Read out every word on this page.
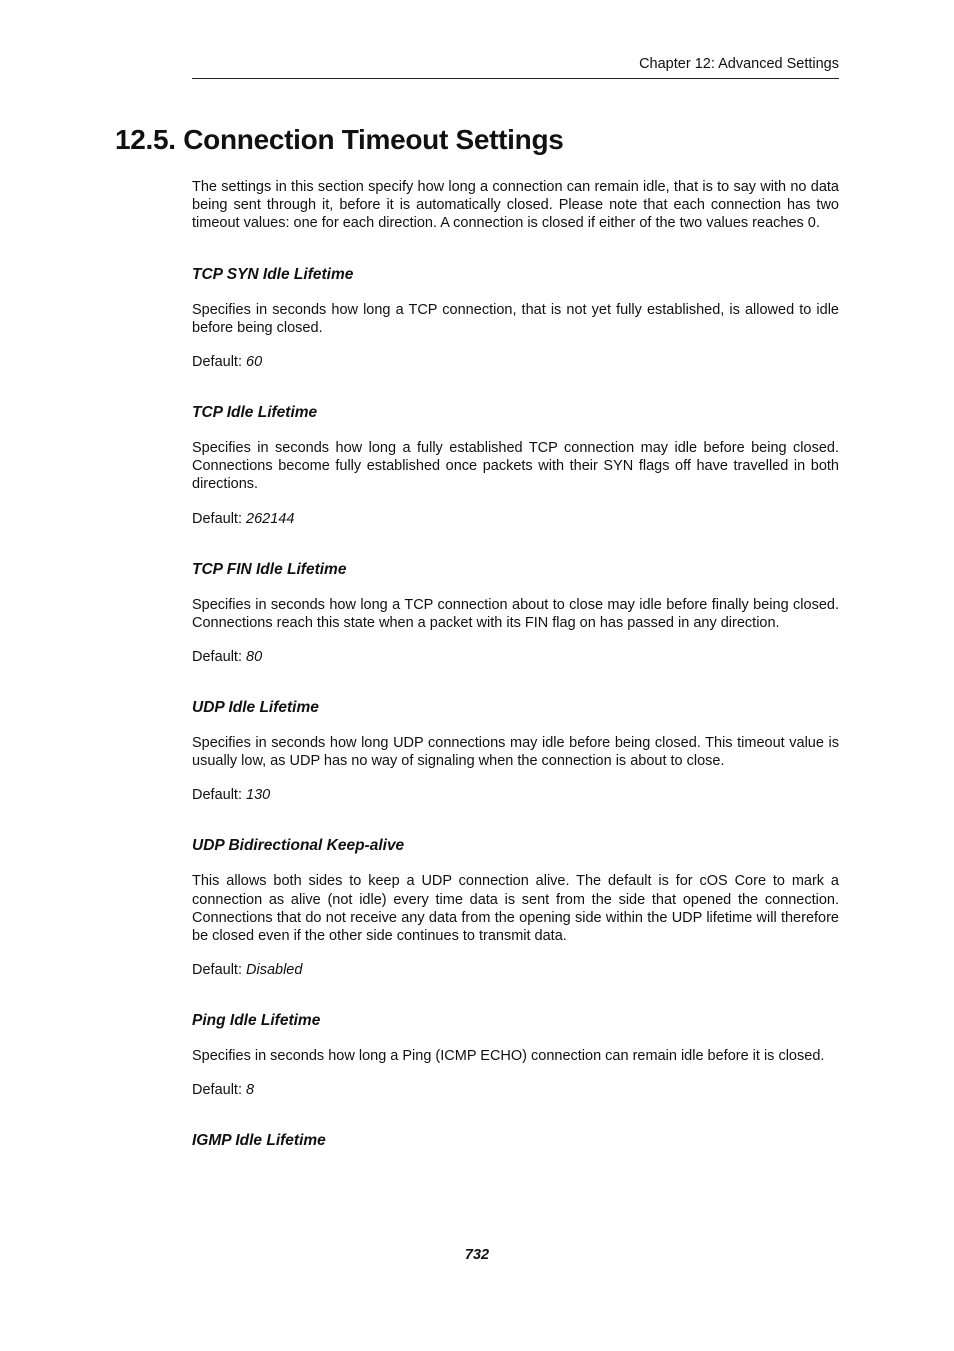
Chapter 12: Advanced Settings
12.5. Connection Timeout Settings

The settings in this section specify how long a connection can remain idle, that is to say with no data being sent through it, before it is automatically closed. Please note that each connection has two timeout values: one for each direction. A connection is closed if either of the two values reaches 0.

TCP SYN Idle Lifetime

Specifies in seconds how long a TCP connection, that is not yet fully established, is allowed to idle before being closed.

Default: 60

TCP Idle Lifetime

Specifies in seconds how long a fully established TCP connection may idle before being closed. Connections become fully established once packets with their SYN flags off have travelled in both directions.

Default: 262144

TCP FIN Idle Lifetime

Specifies in seconds how long a TCP connection about to close may idle before finally being closed. Connections reach this state when a packet with its FIN flag on has passed in any direction.

Default: 80

UDP Idle Lifetime

Specifies in seconds how long UDP connections may idle before being closed. This timeout value is usually low, as UDP has no way of signaling when the connection is about to close.

Default: 130

UDP Bidirectional Keep-alive

This allows both sides to keep a UDP connection alive. The default is for cOS Core to mark a connection as alive (not idle) every time data is sent from the side that opened the connection. Connections that do not receive any data from the opening side within the UDP lifetime will therefore be closed even if the other side continues to transmit data.

Default: Disabled

Ping Idle Lifetime

Specifies in seconds how long a Ping (ICMP ECHO) connection can remain idle before it is closed.

Default: 8

IGMP Idle Lifetime
732
